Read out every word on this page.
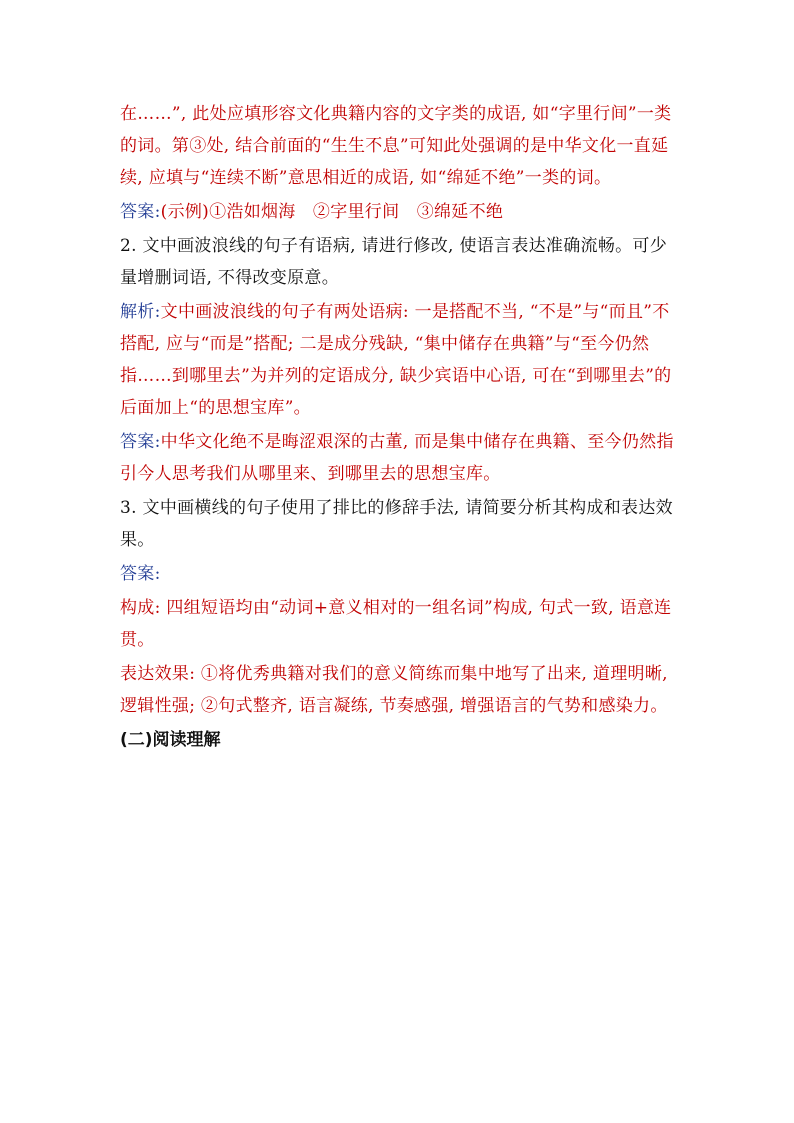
在……”, 此处应填形容文化典籍内容的文字类的成语, 如“字里行间”一类的词。第③处, 结合前面的“生生不息”可知此处强调的是中华文化一直延续, 应填与“连续不断”意思相近的成语, 如“绵延不绝”一类的词。

答案:(示例)①浩如烟海　②字里行间　③绵延不绝

2. 文中画波浪线的句子有语病, 请进行修改, 使语言表达准确流畅。可少量增删词语, 不得改变原意。

解析:文中画波浪线的句子有两处语病: 一是搭配不当, “不是”与“而且”不搭配, 应与“而是”搭配; 二是成分残缺, “集中储存在典籍”与“至今仍然指……到哪里去”为并列的定语成分, 缺少宾语中心语, 可在“到哪里去”的后面加上“的思想宝库”。

答案:中华文化绝不是晦涩艰深的古董, 而是集中储存在典籍、至今仍然指引今人思考我们从哪里来、到哪里去的思想宝库。

3. 文中画横线的句子使用了排比的修辞手法, 请简要分析其构成和表达效果。

答案:

构成: 四组短语均由“动词+意义相对的一组名词”构成, 句式一致, 语意连贯。

表达效果: ①将优秀典籍对我们的意义简练而集中地写了出来, 道理明晰, 逻辑性强; ②句式整齐, 语言凝练, 节奏感强, 增强语言的气势和感染力。

(二)阅读理解
